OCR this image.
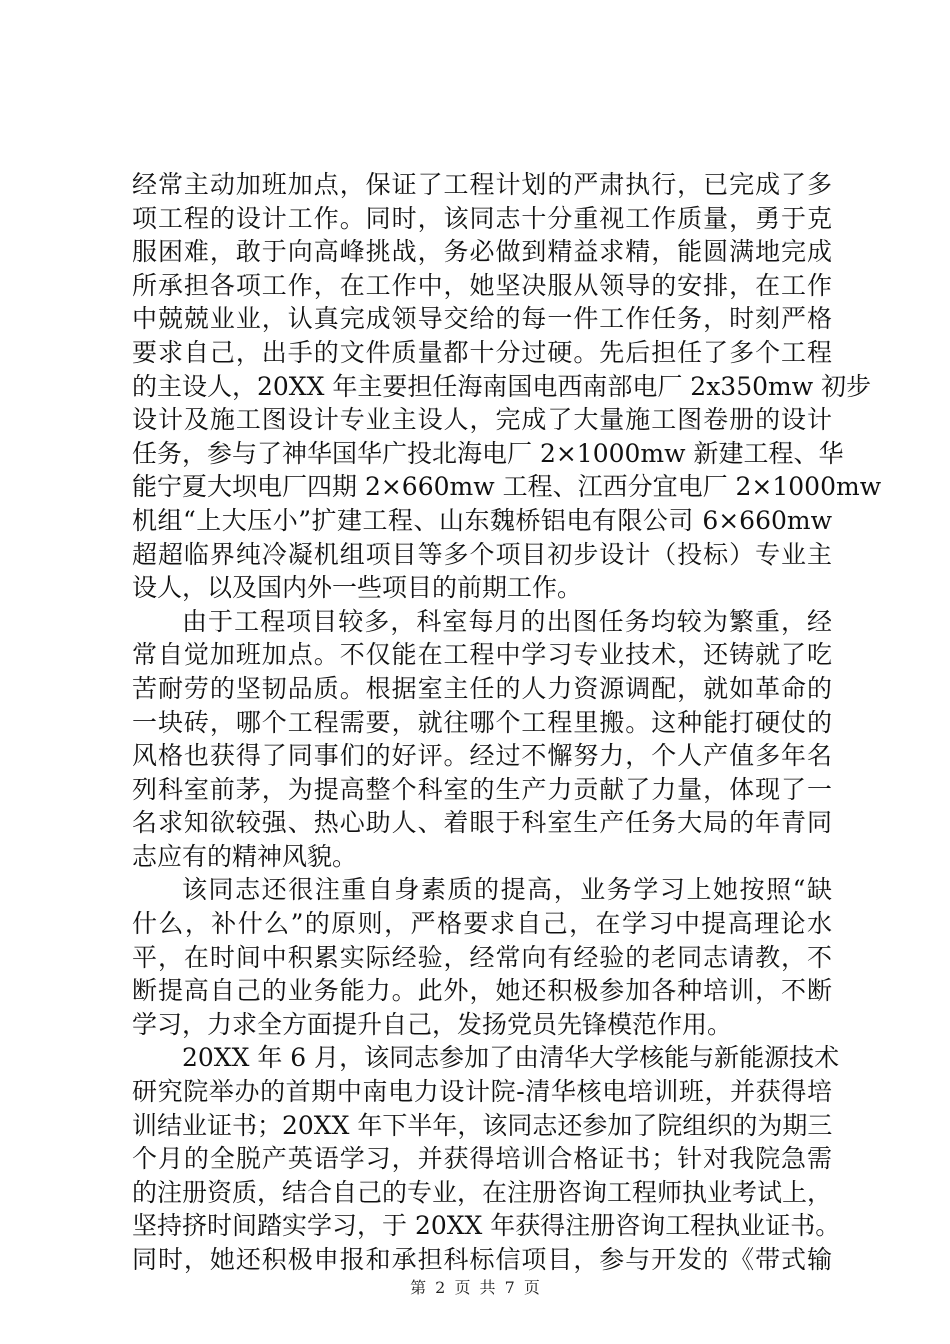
经常主动加班加点，保证了工程计划的严肃执行，已完成了多
项工程的设计工作。同时，该同志十分重视工作质量，勇于克
服困难，敢于向高峰挑战，务必做到精益求精，能圆满地完成
所承担各项工作，在工作中，她坚决服从领导的安排，在工作
中兢兢业业，认真完成领导交给的每一件工作任务，时刻严格
要求自己，出手的文件质量都十分过硬。先后担任了多个工程
的主设人，20XX 年主要担任海南国电西南部电厂 2x350mw 初步
设计及施工图设计专业主设人，完成了大量施工图卷册的设计
任务，参与了神华国华广投北海电厂 2×1000mw 新建工程、华
能宁夏大坝电厂四期 2×660mw 工程、江西分宜电厂 2×1000mw
机组“上大压小”扩建工程、山东魏桥铝电有限公司 6×660mw
超超临界纯冷凝机组项目等多个项目初步设计（投标）专业主
设人，以及国内外一些项目的前期工作。
由于工程项目较多，科室每月的出图任务均较为繁重，经
常自觉加班加点。不仅能在工程中学习专业技术，还铸就了吃
苦耐劳的坚韧品质。根据室主任的人力资源调配，就如革命的
一块砖，哪个工程需要，就往哪个工程里搬。这种能打硬仗的
风格也获得了同事们的好评。经过不懈努力，个人产值多年名
列科室前茅，为提高整个科室的生产力贡献了力量，体现了一
名求知欲较强、热心助人、着眼于科室生产任务大局的年青同
志应有的精神风貌。
该同志还很注重自身素质的提高，业务学习上她按照“缺
什么，补什么”的原则，严格要求自己，在学习中提高理论水
平，在时间中积累实际经验，经常向有经验的老同志请教，不
断提高自己的业务能力。此外，她还积极参加各种培训，不断
学习，力求全方面提升自己，发扬党员先锋模范作用。
20XX 年 6 月，该同志参加了由清华大学核能与新能源技术
研究院举办的首期中南电力设计院-清华核电培训班，并获得培
训结业证书；20XX 年下半年，该同志还参加了院组织的为期三
个月的全脱产英语学习，并获得培训合格证书；针对我院急需
的注册资质，结合自己的专业，在注册咨询工程师执业考试上，
坚持挤时间踏实学习，于 20XX 年获得注册咨询工程执业证书。
同时，她还积极申报和承担科标信项目，参与开发的《带式输
第 2 页 共 7 页
